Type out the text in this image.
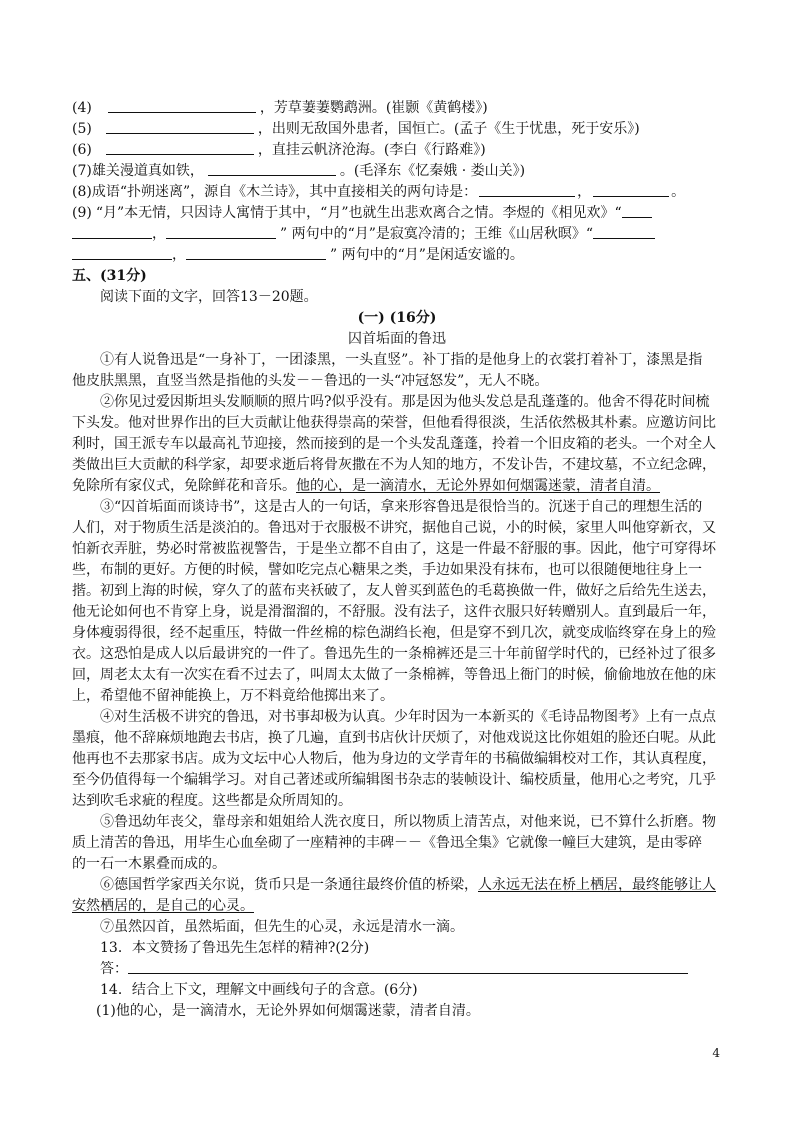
(4)	，芳草萋萋鹦鹉洲。(崔颢《黄鹤楼》)
(5)	，出则无敌国外患者，国恒亡。(孟子《生于忧患，死于安乐》)
(6)	，直挂云帆济沧海。(李白《行路难》)
(7) 雄关漫道真如铁，	。(毛泽东《忆秦娥 · 娄山关》)
(8) 成语“扑朔迷离”，源自《木兰诗》，其中直接相关的两句诗是：	，	。
(9) “月”本无情，只因诗人寓情于其中，“月”也就生出悲欢离合之情。李煜的《相见欢》“
，	” 两句中的“月”是寂寞冷清的；王维《山居秋暝》“
，	” 两句中的“月”是闲适安谧的。
五、(31分)
阅读下面的文字，回答13－20题。
(一) (16分)
囚首垢面的鲁迅
①有人说鲁迅是“一身补丁，一团漆黑，一头直竖”。补丁指的是他身上的衣裳打着补丁，漆黑是指
他皮肤黑黑，直竖当然是指他的头发－－鲁迅的一头“冲冠怒发”，无人不晓。
②你见过爱因斯坦头发顺顺的照片吗?似乎没有。那是因为他头发总是乱蓬蓬的。他舍不得花时间梳
下头发。他对世界作出的巨大贡献让他获得崇高的荣誉，但他看得很淡，生活依然极其朴素。应邀访问比
利时，国王派专车以最高礼节迎接，然而接到的是一个头发乱蓬蓬，拎着一个旧皮箱的老头。一个对全人
类做出巨大贡献的科学家，却要求逝后将骨灰撒在不为人知的地方，不发讣告，不建坟墓，不立纪念碑，
免除所有家仪式，免除鲜花和音乐。他的心，是一滴清水，无论外界如何烟霭迷蒙，清者自清。
③“囚首垢面而谈诗书”，这是古人的一句话，拿来形容鲁迅是很恰当的。沉迷于自己的理想生活的
人们，对于物质生活是淡泊的。鲁迅对于衣服极不讲究，据他自己说，小的时候，家里人叫他穿新衣，又
怕新衣弄脏，势必时常被监视警告，于是坐立都不自由了，这是一件最不舒服的事。因此，他宁可穿得坏
些，布制的更好。方便的时候，譬如吃完点心糖果之类，手边如果没有抹布，也可以很随便地往身上一
揩。初到上海的时候，穿久了的蓝布夹袄破了，友人曾买到蓝色的毛葛换做一件，做好之后给先生送去，
他无论如何也不肯穿上身，说是滑溜溜的，不舒服。没有法子，这件衣服只好转赠别人。直到最后一年，
身体瘦弱得很，经不起重压，特做一件丝棉的棕色湖绉长袍，但是穿不到几次，就变成临终穿在身上的殓
衣。这恐怕是成人以后最讲究的一件了。鲁迅先生的一条棉裤还是三十年前留学时代的，已经补过了很多
回，周老太太有一次实在看不过去了，叫周太太做了一条棉裤，等鲁迅上衙门的时候，偷偷地放在他的床
上，希望他不留神能换上，万不料竟给他掷出来了。
④对生活极不讲究的鲁迅，对书事却极为认真。少年时因为一本新买的《毛诗品物图考》上有一点点
墨痕，他不辞麻烦地跑去书店，换了几遍，直到书店伙计厌烦了，对他戏说这比你姐姐的脸还白呢。从此
他再也不去那家书店。成为文坛中心人物后，他为身边的文学青年的书稿做编辑校对工作，其认真程度，
至今仍值得每一个编辑学习。对自己著述或所编辑图书杂志的装帧设计、编校质量，他用心之考究，几乎
达到吹毛求疵的程度。这些都是众所周知的。
⑤鲁迅幼年丧父，靠母亲和姐姐给人洗衣度日，所以物质上清苦点，对他来说，已不算什么折磨。物
质上清苦的鲁迅，用毕生心血垒砌了一座精神的丰碑－－《鲁迅全集》它就像一幢巨大建筑，是由零碎
的一石一木累叠而成的。
⑥德国哲学家西关尔说，货币只是一条通往最终价值的桥梁，人永远无法在桥上栖居，最终能够让人
安然栖居的，是自己的心灵。
⑦虽然囚首，虽然垢面，但先生的心灵，永远是清水一滴。
13．本文赞扬了鲁迅先生怎样的精神?(2分)
答：
14．结合上下文，理解文中画线句子的含意。(6分)
(1)他的心，是一滴清水，无论外界如何烟霭迷蒙，清者自清。
4
